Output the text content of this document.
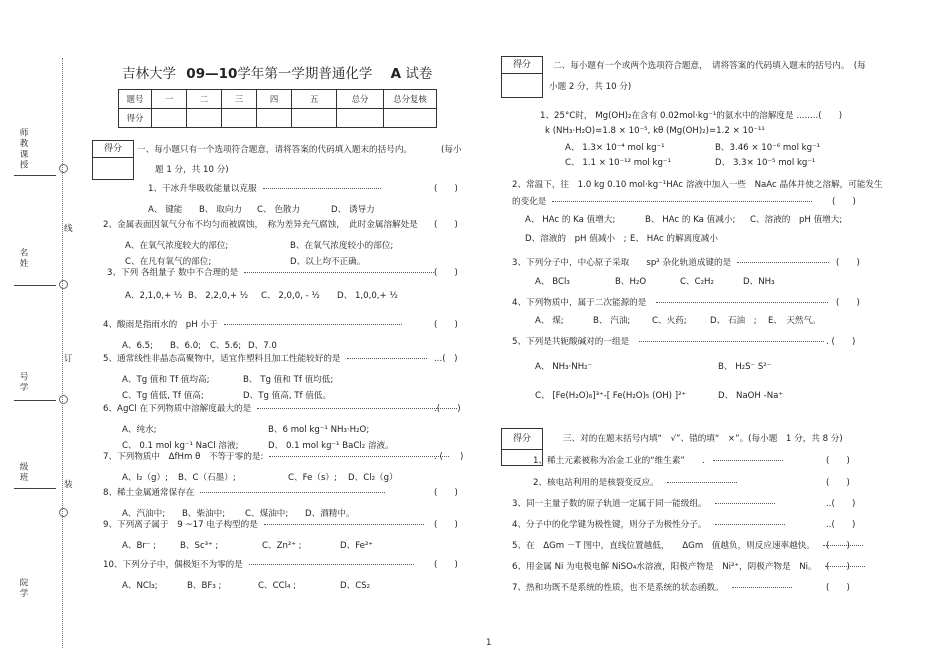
师教课授
名姓
号学
级班
院学
线
订
装
吉林大学 09—10学年第一学期普通化学 A 试卷
题号	一	二	三	四	五	总分	总分复核
得分							
得分	一、每小题只有一个选项符合题意，请将答案的代码填入题末的括号内。	(每小
题 1 分，共 10 分)
1、干冰升华吸收能量以克服	(　　)
A、 键能 B、 取向力 C、 色散力	D、 诱导力
2、金属表面因氧气分布不均匀而被腐蚀，　称为差异充气腐蚀，　此时金属溶解处是 (　　)
A、在氧气浓度较大的部位;	B、在氧气浓度较小的部位;
C、在凡有氧气的部位;	D、以上均不正确。
3、下列 各组量子 数中不合理的是	(　　)
A、2,1,0,+ ½ B、 2,2,0,+ ½ C、 2,0,0, - ½ D、 1,0,0,+ ½
4、酸雨是指雨水的　pH 小于	(　　)
A、6.5; B、6.0; C、5.6; D、7.0
5、通常线性非晶态高聚物中，适宜作塑料且加工性能较好的是	...(　)
A、Tg 值和 Tf 值均高;	B、 Tg 值和 Tf 值均低;
C、Tg 值低, Tf 值高;	D、Tg 值高, Tf 值低。
6、AgCl 在下列物质中溶解度最大的是	.(　　)
A、纯水;	B、6 mol kg⁻¹ NH₃·H₂O;
C、 0.1 mol kg⁻¹ NaCl 溶液;	D、 0.1 mol kg⁻¹ BaCl₂ 溶液。
7、下列物质中　ΔfHm θ　不等于零的是:	. (　　)
A、I₂（g）; B、C（石墨）;	C、Fe（s）; D、Cl₂（g）
8、稀土金属通常保存在	(　　)
A、汽油中; B、柴油中; C、煤油中; D、酒精中。
9、下列离子属于　9 ~17 电子构型的是	(　　)
A、Br⁻ ;	B、Sc³⁺ ;	C、Zn²⁺ ;	D、Fe²⁺
10、下列分子中，偶极矩不为零的是	(　　)
A、NCl₃;	B、BF₃ ;	C、CCl₄ ;	D、CS₂
得分	二、每小题有一个或两个选项符合题意，　请将答案的代码填入题末的括号内。　(每
小题 2 分，共 10 分)
1、25°C时， Mg(OH)₂在含有 0.02mol·kg⁻¹的氨水中的溶解度是 ........(　　)
k (NH₃·H₂O)=1.8 × 10⁻⁵, kθ (Mg(OH)₂)=1.2 × 10⁻¹¹
A、 1.3× 10⁻⁴ mol kg⁻¹	B、3.46 × 10⁻⁶ mol kg⁻¹
C、 1.1 × 10⁻¹² mol kg⁻¹	D、 3.3× 10⁻⁵ mol kg⁻¹
2、常温下，往　1.0 kg 0.10 mol·kg⁻¹HAc 溶液中加入一些　NaAc 晶体并使之溶解，可能发生
的变化是	(　　)
A、 HAc 的 Ka 值增大;	B、 HAc 的 Ka 值减小; C、溶液的　pH 值增大;
D、溶液的　pH 值减小　; E、 HAc 的解离度减小
3、下列分子中，中心原子采取　　sp² 杂化轨道成键的是	(　　)
A、 BCl₃	B、H₂O	C、C₂H₂	D、NH₃
4、下列物质中，属于二次能源的是	(　　)
A、 煤;	B、 汽油;	C、火药;	D、 石油　; E、　天然气。
5、下列是共轭酸碱对的一组是	. (　　)
A、 NH₃·NH₂⁻	B、 H₂S⁻ S²⁻
C、 [Fe(H₂O)₆]³⁺-[ Fe(H₂O)₅ (OH) ]²⁺	D、 NaOH -Na⁺
得分	三、对的在题末括号内填“　√”、错的填“　×”。(每小题　1 分，共 8 分)
1、稀土元素被称为冶金工业的“维生素”　　.	(　　)
2、核电站利用的是核裂变反应。	(　　)
3、同一主量子数的原子轨道一定属于同一能级组。	..(　　)
4、分子中的化学键为极性键，则分子为极性分子。	..(　　)
5、在　ΔGm －T 图中，直线位置越低，　　ΔGm　值越负，则反应速率越快。	(　　)
6、用金属 Ni 为电极电解 NiSO₄水溶液，阳极产物是　Ni²⁺，阴极产物是　Ni。	(　　)
7、热和功既不是系统的性质，也不是系统的状态函数。	(　　)
1
